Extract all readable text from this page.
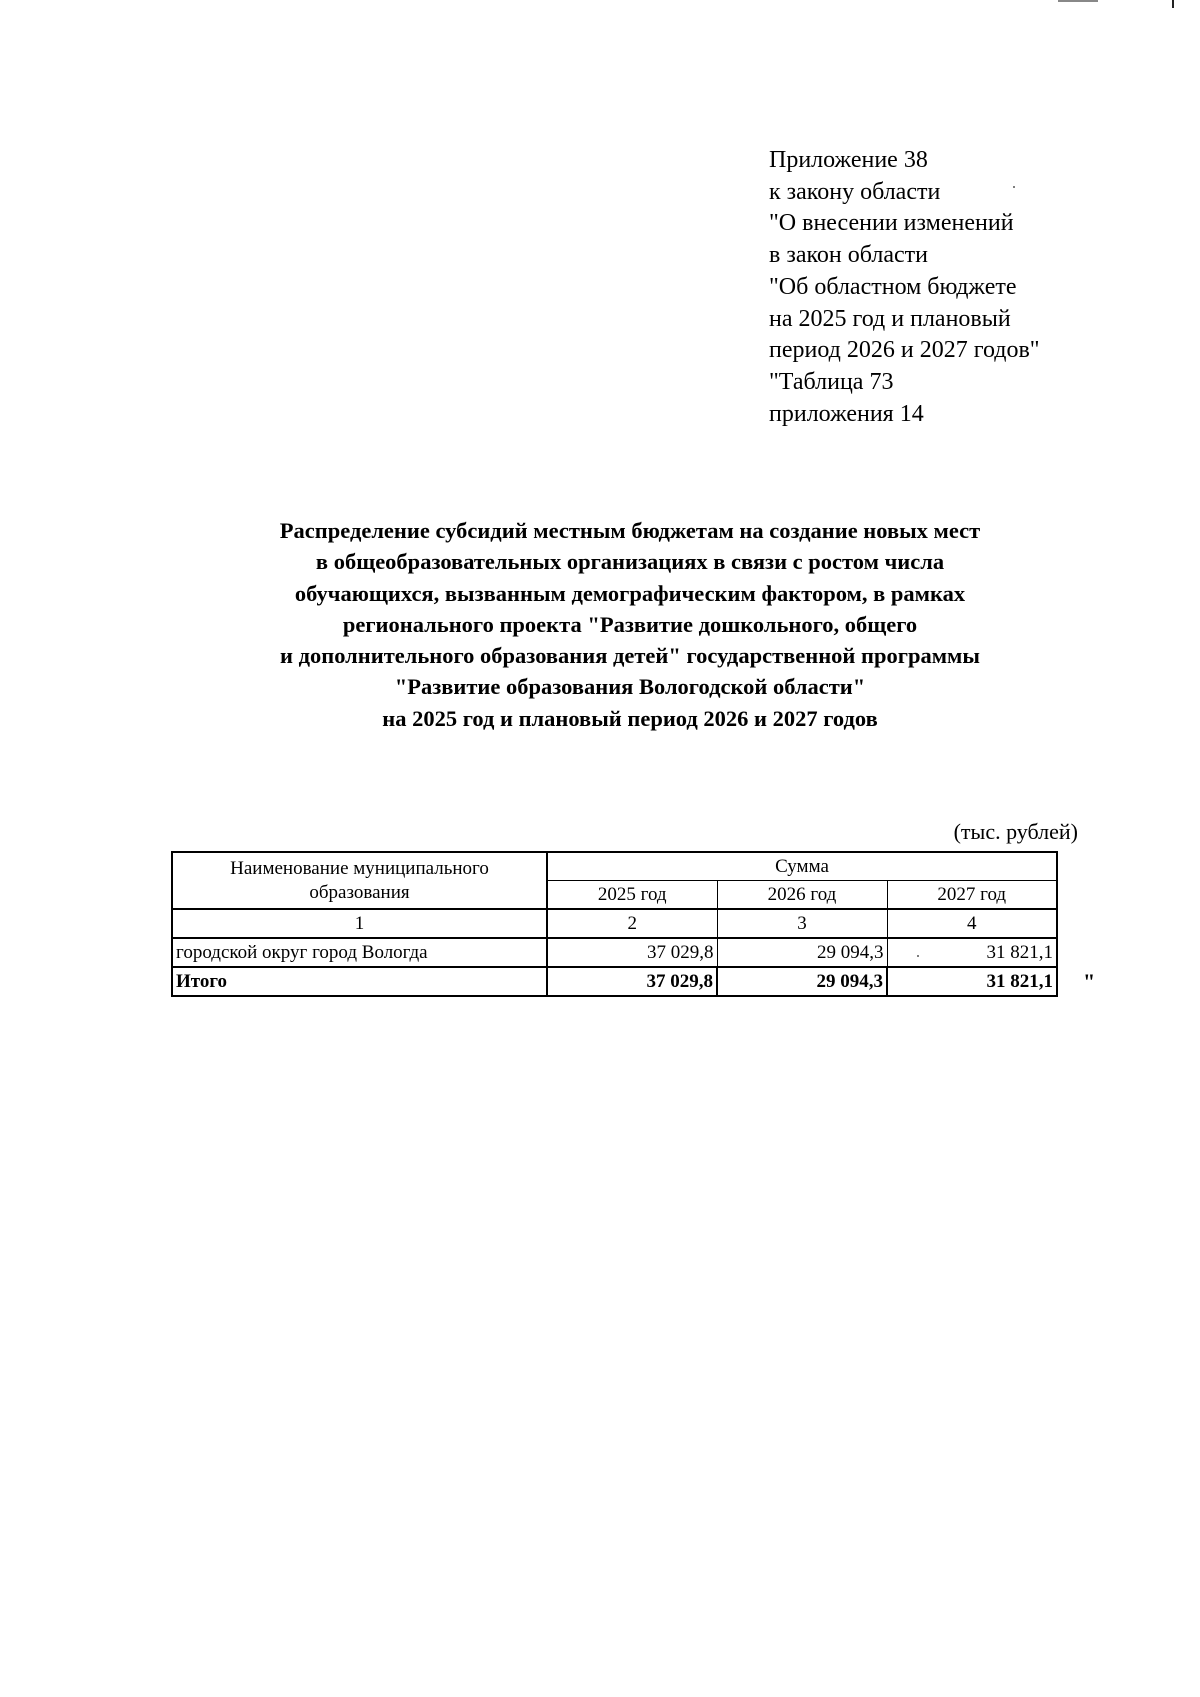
Приложение 38
к закону области
"О внесении изменений
в закон области
"Об областном бюджете
на 2025 год и плановый
период 2026 и 2027 годов"
"Таблица 73
приложения 14
Распределение субсидий местным бюджетам на создание новых мест
в общеобразовательных организациях в связи с ростом числа
обучающихся, вызванным демографическим фактором, в рамках
регионального проекта "Развитие дошкольного, общего
и дополнительного образования детей" государственной программы
"Развитие образования Вологодской области"
на 2025 год и плановый период 2026 и 2027 годов
(тыс. рублей)
Наименование муниципального
образования	Сумма		
	2025 год	2026 год	2027 год
1	2	3	4
городской округ город Вологда	37 029,8	29 094,3	31 821,1
Итого	37 029,8	29 094,3	31 821,1 "
